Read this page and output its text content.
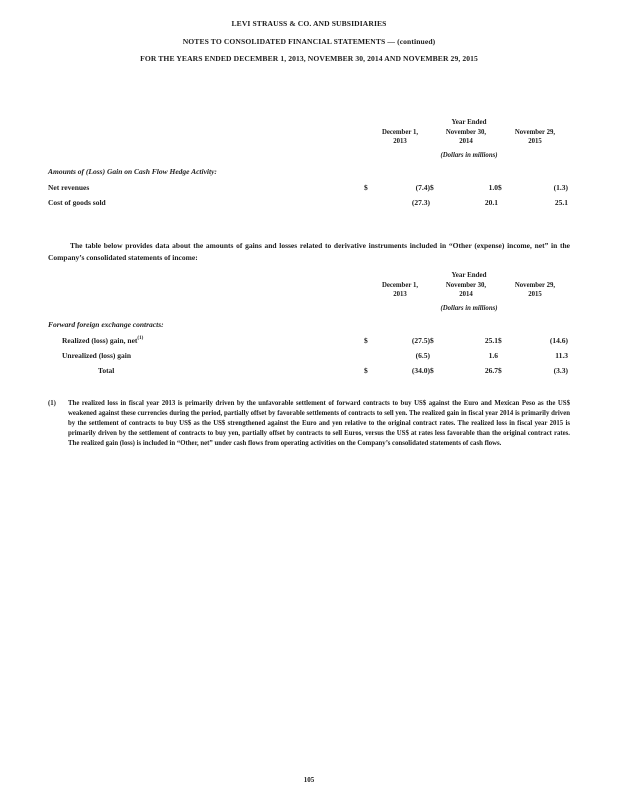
LEVI STRAUSS & CO. AND SUBSIDIARIES
NOTES TO CONSOLIDATED FINANCIAL STATEMENTS — (continued)
FOR THE YEARS ENDED DECEMBER 1, 2013, NOVEMBER 30, 2014 AND NOVEMBER 29, 2015
Year Ended
December 1,
2013
November 30,
2014
November 29,
2015
(Dollars in millions)
Amounts of (Loss) Gain on Cash Flow Hedge Activity:
Net revenues	$	(7.4) $	1.0 $	(1.3)
Cost of goods sold	(27.3)	20.1	25.1
The table below provides data about the amounts of gains and losses related to derivative instruments included in “Other (expense) income, net” in the Company’s consolidated statements of income:
Year Ended
December 1,
2013
November 30,
2014
November 29,
2015
(Dollars in millions)
Forward foreign exchange contracts:
Realized (loss) gain, net$^{(1)}$	$	(27.5) $	25.1 $	(14.6)
Unrealized (loss) gain	(6.5)	1.6	11.3
Total	$	(34.0) $	26.7 $	(3.3)
(1)	The realized loss in fiscal year 2013 is primarily driven by the unfavorable settlement of forward contracts to buy US$ against the Euro and Mexican Peso as the US$ weakened against these currencies during the period, partially offset by favorable settlements of contracts to sell yen. The realized gain in fiscal year 2014 is primarily driven by the settlement of contracts to buy US$ as the US$ strengthened against the Euro and yen relative to the original contract rates. The realized loss in fiscal year 2015 is primarily driven by the settlement of contracts to buy yen, partially offset by contracts to sell Euros, versus the US$ at rates less favorable than the original contract rates. The realized gain (loss) is included in “Other, net” under cash flows from operating activities on the Company’s consolidated statements of cash flows.
105
